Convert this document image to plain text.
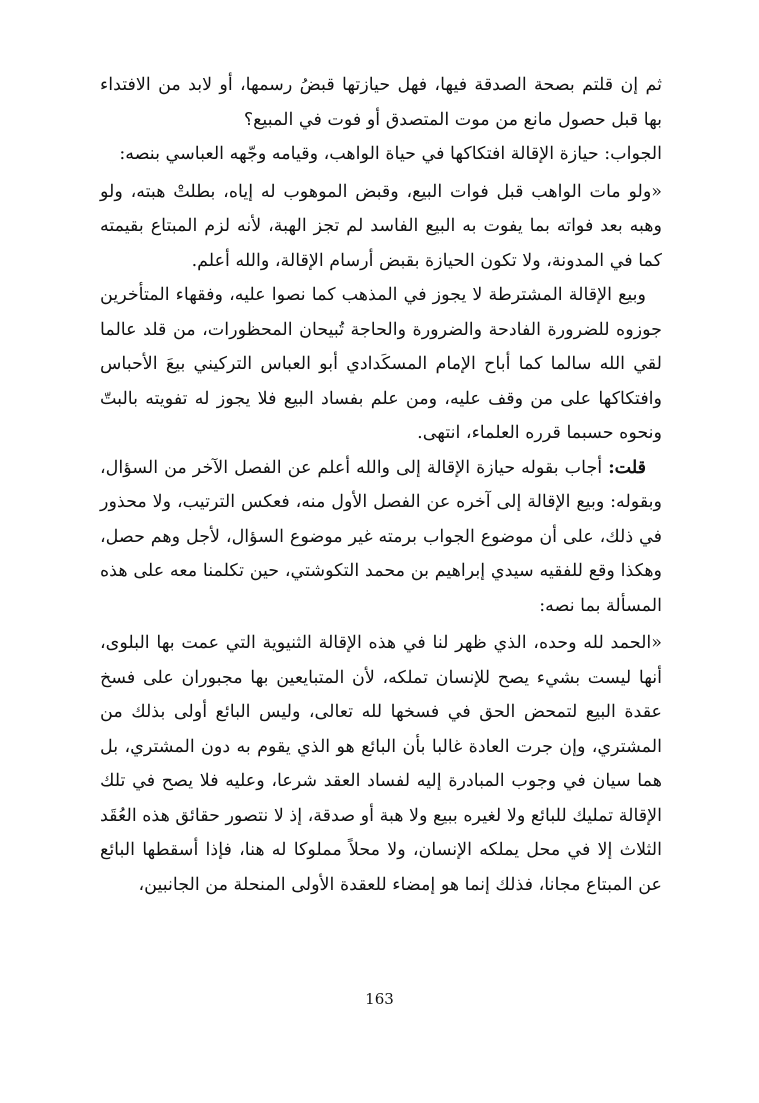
ثم إن قلتم بصحة الصدقة فيها، فهل حيازتها قبضُ رسمها، أو لابد من الافتداء بها قبل حصول مانع من موت المتصدق أو فوت في المبيع؟

الجواب: حيازة الإقالة افتكاكها في حياة الواهب، وقيامه وجّهه العباسي بنصه:

«ولو مات الواهب قبل فوات البيع، وقبض الموهوب له إياه، بطلتْ هبته، ولو وهبه بعد فواته بما يفوت به البيع الفاسد لم تجز الهبة، لأنه لزم المبتاع بقيمته كما في المدونة، ولا تكون الحيازة بقبض أرسام الإقالة، والله أعلم.

وبيع الإقالة المشترطة لا يجوز في المذهب كما نصوا عليه، وفقهاء المتأخرين جوزوه للضرورة الفادحة والضرورة والحاجة تُبيحان المحظورات، من قلد عالما لقي الله سالما كما أباح الإمام المسكَدادي أبو العباس التركيني بيعَ الأحباس وافتكاكها على من وقف عليه، ومن علم بفساد البيع فلا يجوز له تفويته بالبتّ ونحوه حسبما قرره العلماء، انتهى.

قلت: أجاب بقوله حيازة الإقالة إلى والله أعلم عن الفصل الآخر من السؤال، وبقوله: وبيع الإقالة إلى آخره عن الفصل الأول منه، فعكس الترتيب، ولا محذور في ذلك، على أن موضوع الجواب برمته غير موضوع السؤال، لأجل وهم حصل، وهكذا وقع للفقيه سيدي إبراهيم بن محمد التكوشتي، حين تكلمنا معه على هذه المسألة بما نصه:

«الحمد لله وحده، الذي ظهر لنا في هذه الإقالة الثنيوية التي عمت بها البلوى، أنها ليست بشيء يصح للإنسان تملكه، لأن المتبايعين بها مجبوران على فسخ عقدة البيع لتمحض الحق في فسخها لله تعالى، وليس البائع أولى بذلك من المشتري، وإن جرت العادة غالبا بأن البائع هو الذي يقوم به دون المشتري، بل هما سيان في وجوب المبادرة إليه لفساد العقد شرعا، وعليه فلا يصح في تلك الإقالة تمليك للبائع ولا لغيره ببيع ولا هبة أو صدقة، إذ لا نتصور حقائق هذه العُقَد الثلاث إلا في محل يملكه الإنسان، ولا محلاً مملوكا له هنا، فإذا أسقطها البائع عن المبتاع مجانا، فذلك إنما هو إمضاء للعقدة الأولى المنحلة من الجانبين،

163
